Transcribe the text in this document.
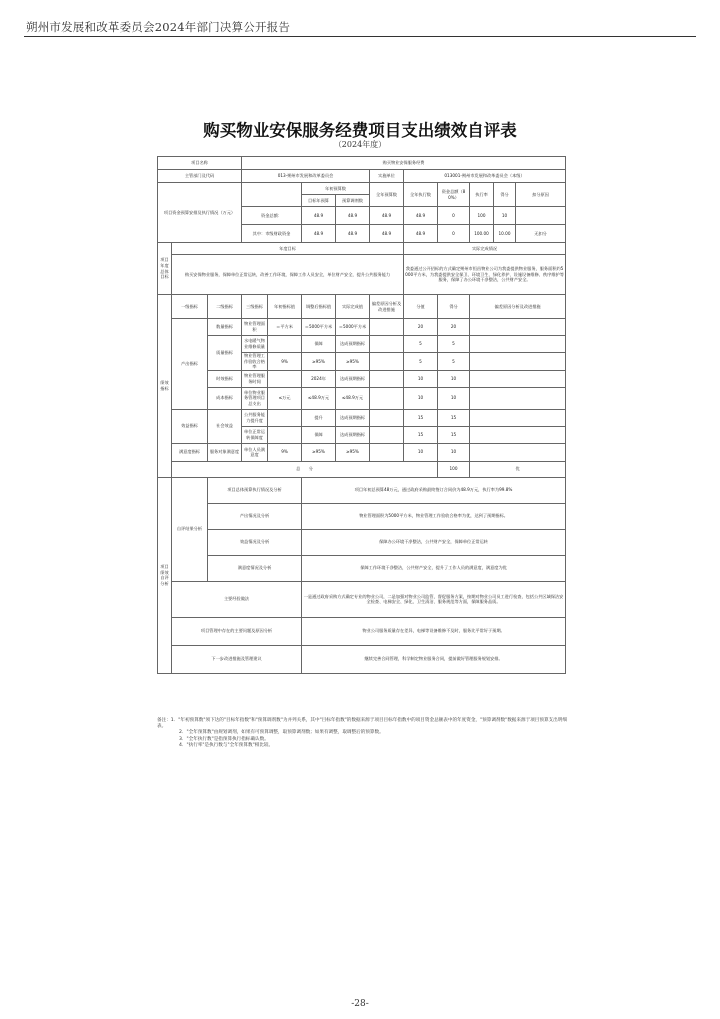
朔州市发展和改革委员会2024年部门决算公开报告
购买物业安保服务经费项目支出绩效自评表
（2024年度）
项目名称			购买物业安保服务经费									
主管部门及代码			013-朔州市发展和改革委员会				实施单位	013001-朔州市发展和改革委员会（本级）				
项目资金预算安排及执行情况（万元）					年初预算数		全年预算数	全年执行数	资金总额（80%）	执行率	得分	扣分原因
					目标年预算	预算调剂数						
			资金总额：		48.9	48.9	48.9	48.9	0	100	10	
			其中：市级财政资金		48.9	48.9	48.9	48.9	0	100.00	10.00	无扣分
项目年度总体目标	年度目标							实际完成情况				
	购买安保物业服务，保障单位正常运转，改善工作环境，保障工作人员安全，单位财产安全，提升公共服务能力							我委通过公开招标的方式确定朔州市恒昌物业公司为我委提供物业服务，服务面积约5000平方米，为我委提供安全保卫、环境卫生、绿化养护、设施设备维修、秩序维护等服务，保障了办公环境干净整洁，公共财产安全。				
绩效指标	一级指标	二级指标	三级指标	年初指标值	调整后指标值	实际完成值	偏差原因分析及改进措施	分值	得分	偏差原因分析及改进措施		
	产出指标	数量指标	物业管理面积	＝平方米	＝5000平方米	＝5000平方米		20	20			
		质量指标	水电暖气物业维修质量		保障	达成预期指标		5	5			
			物业管理工作验收合格率	9%	≥95%	≥95%		5	5			
		时效指标	物业管理服务时间		2024年	达成预期指标		10	10			
		成本指标	单位物业服务管理项目总支出	≤万元	≤48.9万元	≤48.9万元		10	10			
	效益指标	社会效益	公共服务能力提升度		提升	达成预期指标		15	15			
			单位正常运转保障度		保障	达成预期指标		15	15			
	满意度指标	服务对象满意度	单位人员满意度	9%	≥95%	≥95%		10	10			
	总　　分								100	优		
项目绩效自评分析	自评结果分析	项目总体预算执行情况及分析			项目年初总预算48万元，通过政府采购最终签订合同价为48.9万元，执行率为99.8%							
		产出情况及分析			物业管理面积为5000平方米，物业管理工作验收合格率为优，达到了预期指标。							
		效益情况及分析			保障办公环境干净整洁，公共财产安全，保障单位正常运转							
		满意度情况及分析			保障工作环境干净整洁，公共财产安全，提升了工作人员的满意度，满意度为优							
	主要经验做法				一是通过政府采购方式确定专业的物业公司，二是加强对物业公司监管，督促服务方案，按期对物业公司员工进行检查，包括公共区域保洁安全检查、电梯安全、绿化、卫生清洁、服务规范等方面，保障服务品质。							
	项目管理中存在的主要问题及原因分析				物业公司服务质量存在差异，电梯等设备维修不及时，服务比平常好于预期。							
	下一步改进措施及管理建议				继续完善合同管理，科学制定物业服务合同，提前做好管理服务规划安排。							
备注：1．"年初预算数"须下达的"目标年指数"和"预算调剂数"为并列关系，其中"目标年指数"的数据来源于项目目标年指数中的项目资金总额表中的年度资金，"预算调剂数"数据来源于项目预算支出明细表。
2．"全年预算数"由规划调剂，如果有可预算调整，取预算调剂数；如果有调整，取调整后的预算数。
3．"全年执行数"是指预算执行指标确认数。
4．"执行率"是执行数与"全年预算数"相比较。
-28-
